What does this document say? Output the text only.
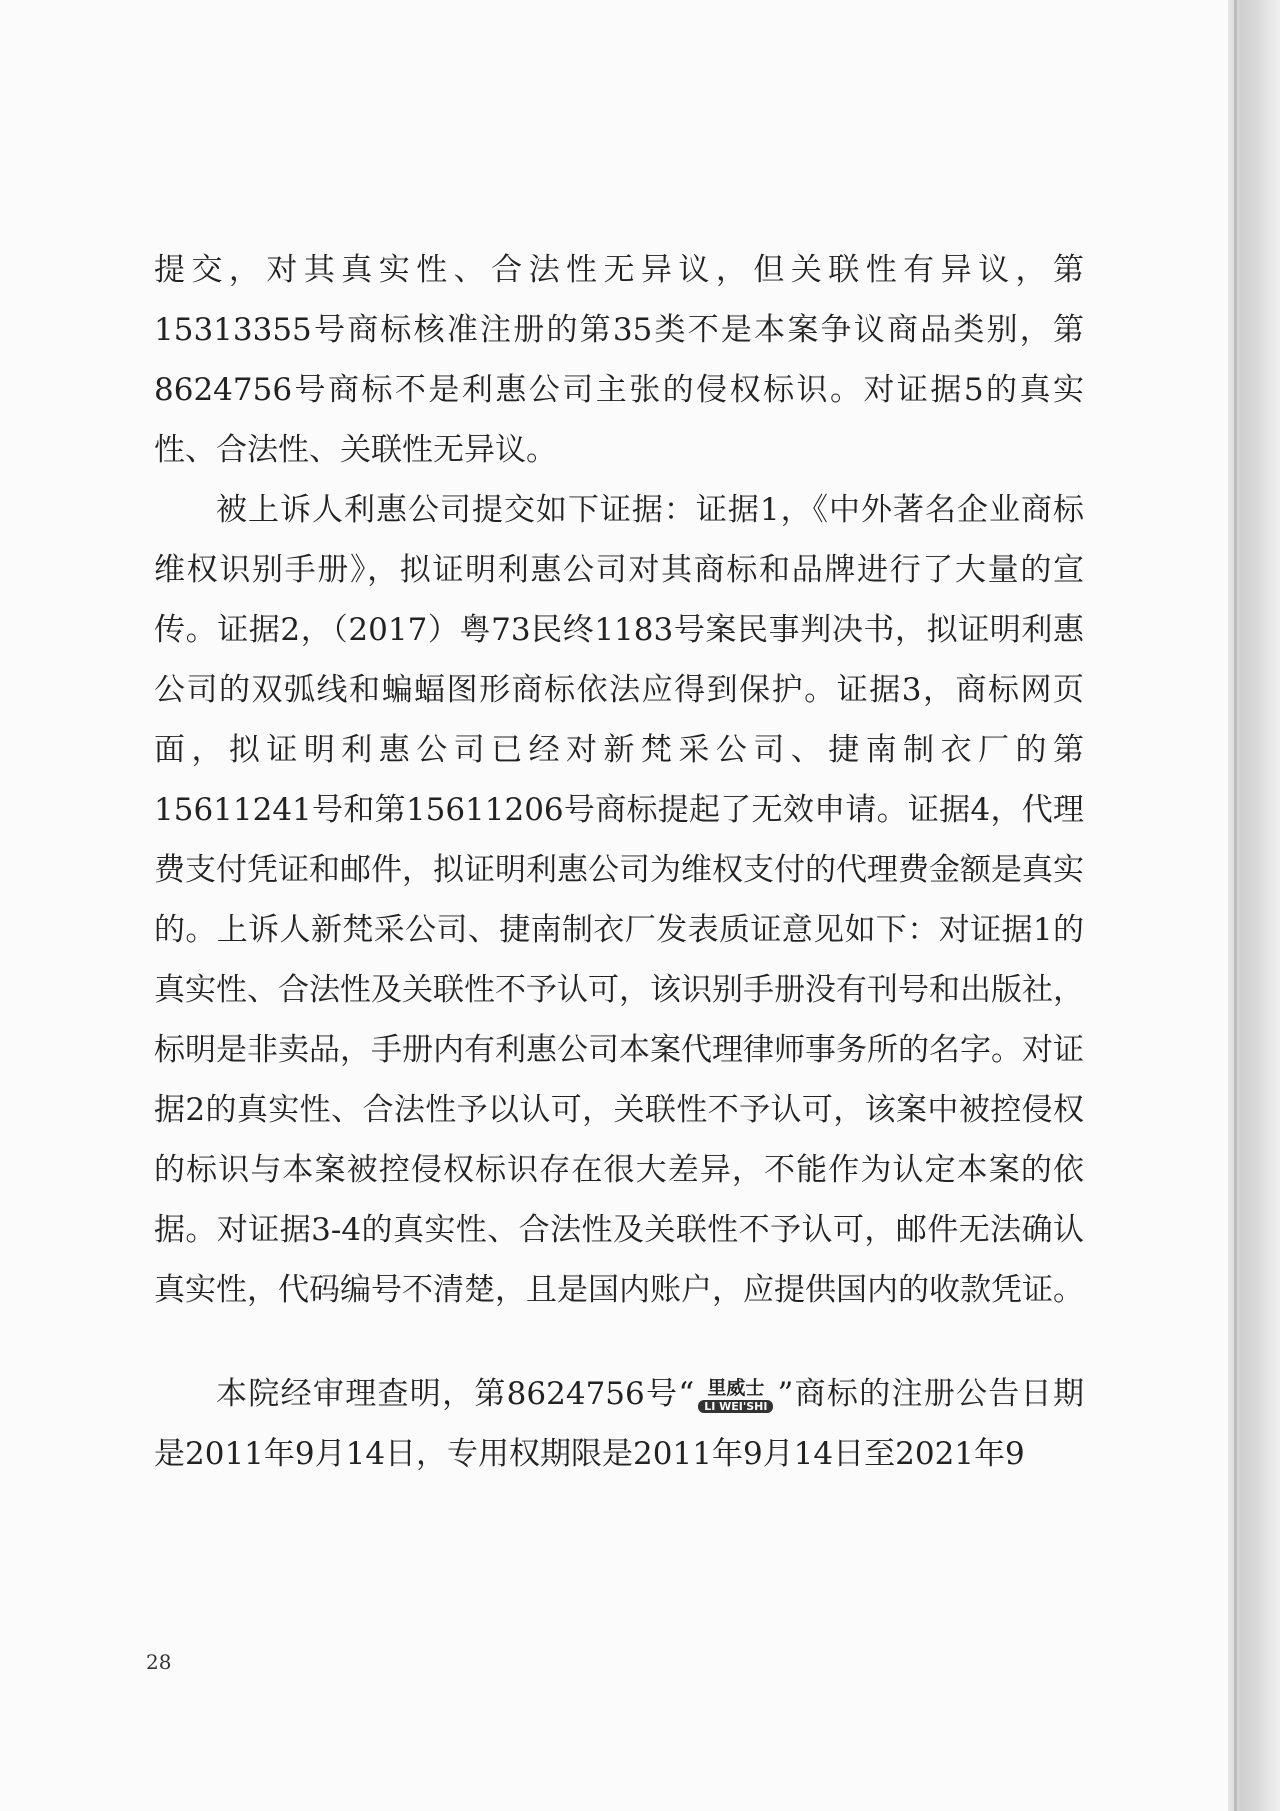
提交，对其真实性、合法性无异议，但关联性有异议，第15313355号商标核准注册的第35类不是本案争议商品类别，第8624756号商标不是利惠公司主张的侵权标识。对证据5的真实性、合法性、关联性无异议。

被上诉人利惠公司提交如下证据：证据1，《中外著名企业商标维权识别手册》，拟证明利惠公司对其商标和品牌进行了大量的宣传。证据2，（2017）粤73民终1183号案民事判决书，拟证明利惠公司的双弧线和蝙蝠图形商标依法应得到保护。证据3，商标网页面，拟证明利惠公司已经对新梵采公司、捷南制衣厂的第15611241号和第15611206号商标提起了无效申请。证据4，代理费支付凭证和邮件，拟证明利惠公司为维权支付的代理费金额是真实的。上诉人新梵采公司、捷南制衣厂发表质证意见如下：对证据1的真实性、合法性及关联性不予认可，该识别手册没有刊号和出版社，标明是非卖品，手册内有利惠公司本案代理律师事务所的名字。对证据2的真实性、合法性予以认可，关联性不予认可，该案中被控侵权的标识与本案被控侵权标识存在很大差异，不能作为认定本案的依据。对证据3-4的真实性、合法性及关联性不予认可，邮件无法确认真实性，代码编号不清楚，且是国内账户，应提供国内的收款凭证。

本院经审理查明，第8624756号“ 里威士
LI WEI'SHI ”商标的注册公告日期是2011年9月14日，专用权期限是2011年9月14日至2021年9

28
